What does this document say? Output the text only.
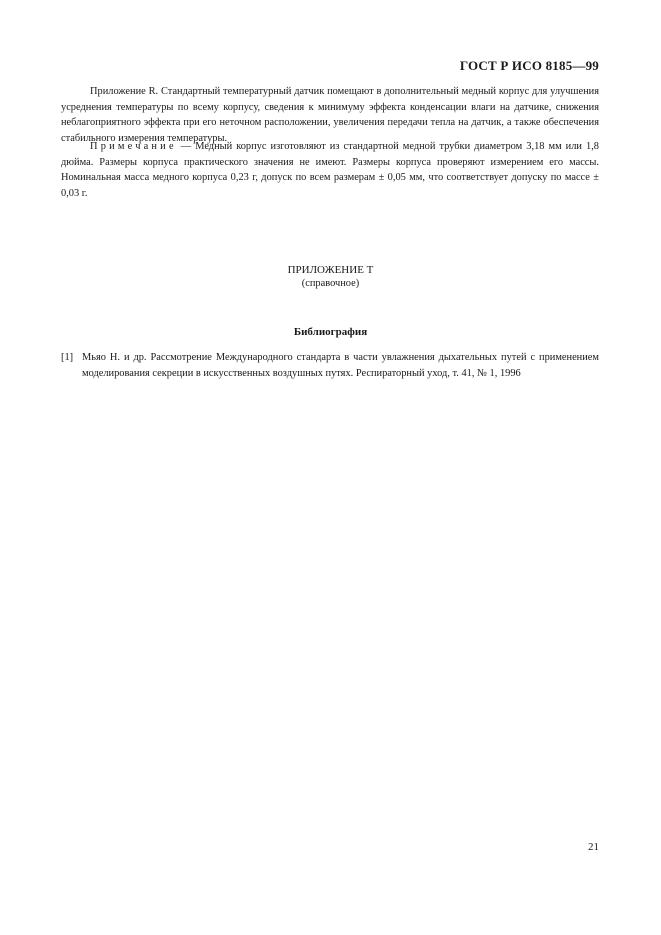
ГОСТ Р ИСО 8185—99

Приложение R. Стандартный температурный датчик помещают в дополнительный медный корпус для улучшения усреднения температуры по всему корпусу, сведения к минимуму эффекта конденсации влаги на датчике, снижения неблагоприятного эффекта при его неточном расположении, увеличения передачи тепла на датчик, а также обеспечения стабильного измерения температуры.

Примечание — Медный корпус изготовляют из стандартной медной трубки диаметром 3,18 мм или 1,8 дюйма. Размеры корпуса практического значения не имеют. Размеры корпуса проверяют измерением его массы. Номинальная масса медного корпуса 0,23 г, допуск по всем размерам ± 0,05 мм, что соответствует допуску по массе ± 0,03 г.

ПРИЛОЖЕНИЕ Т
(справочное)
Библиография
[1] Мьяо Н. и др. Рассмотрение Международного стандарта в части увлажнения дыхательных путей с применением моделирования секреции в искусственных воздушных путях. Респираторный уход, т. 41, № 1, 1996
21
